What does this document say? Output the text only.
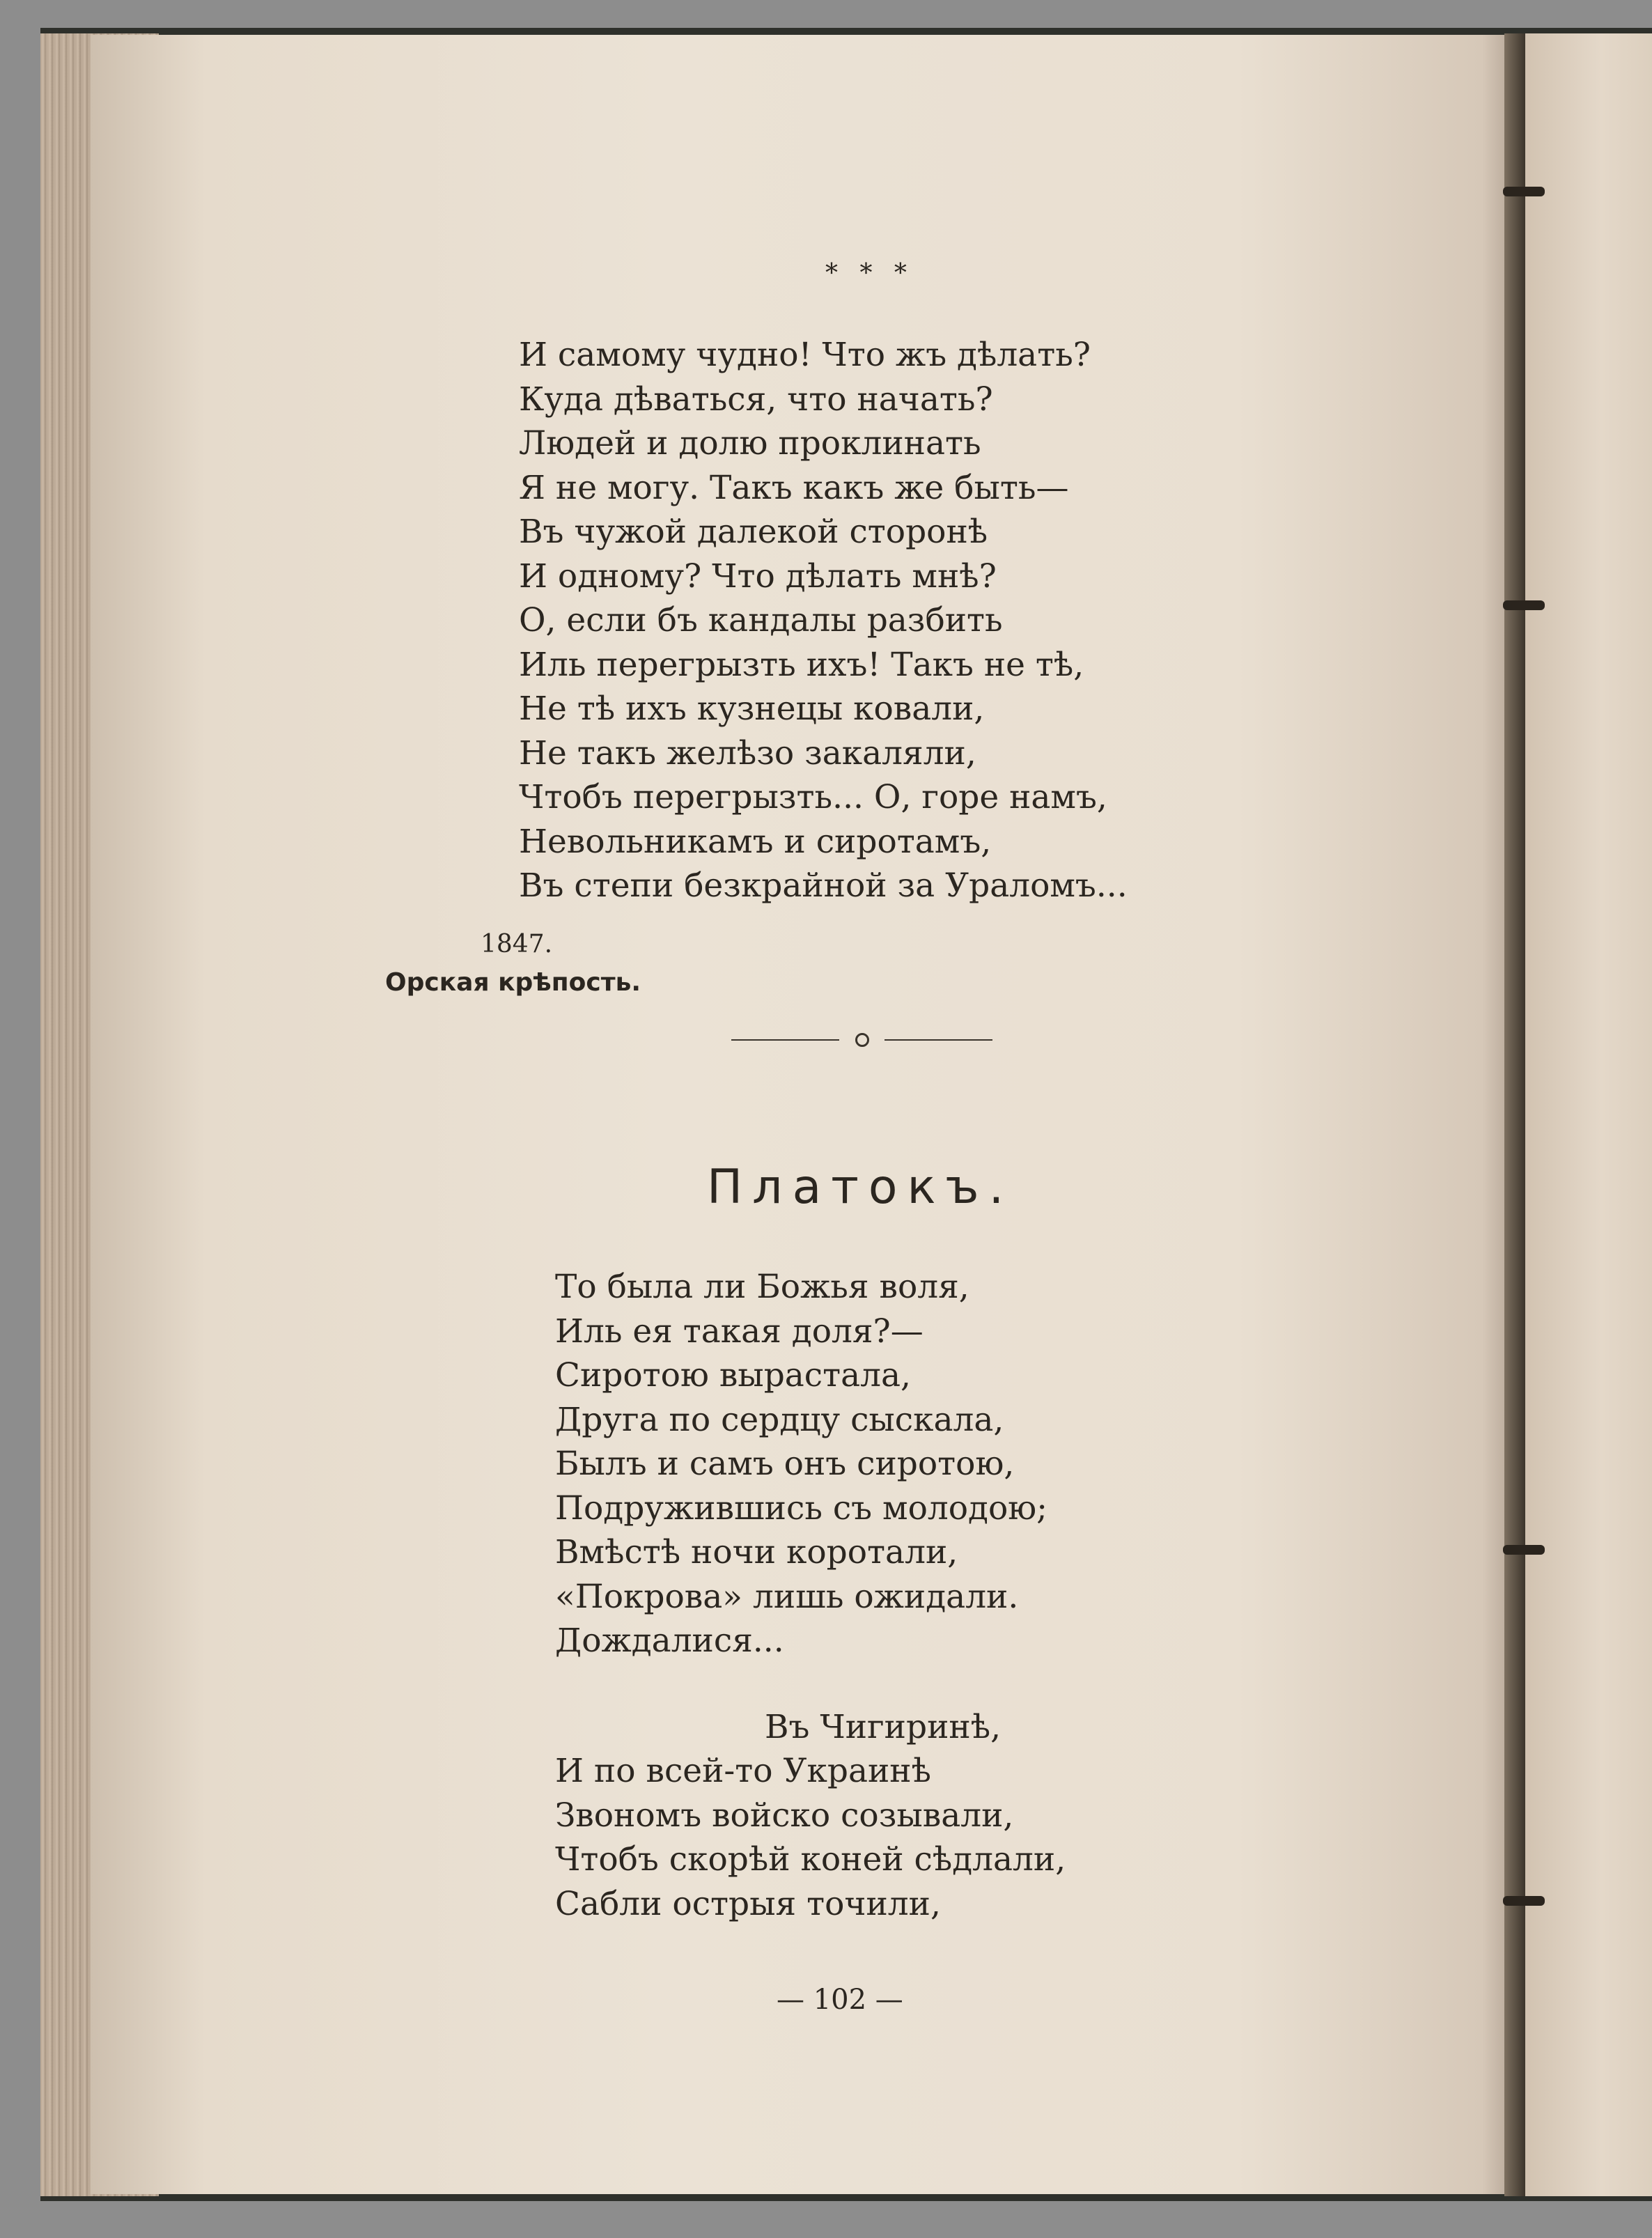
* * *
И самому чудно! Что жъ дѣлать?
Куда дѣваться, что начать?
Людей и долю проклинать
Я не могу. Такъ какъ же быть—
Въ чужой далекой сторонѣ
И одному? Что дѣлать мнѣ?
О, если бъ кандалы разбить
Иль перегрызть ихъ! Такъ не тѣ,
Не тѣ ихъ кузнецы ковали,
Не такъ желѣзо закаляли,
Чтобъ перегрызть... О, горе намъ,
Невольникамъ и сиротамъ,
Въ степи безкрайной за Ураломъ...
1847.
Орская крѣпость.
Платокъ.
То была ли Божья воля,
Иль ея такая доля?—
Сиротою вырастала,
Друга по сердцу сыскала,
Былъ и самъ онъ сиротою,
Подружившись съ молодою;
Вмѣстѣ ночи коротали,
«Покрова» лишь ожидали.
Дождалися...
Въ Чигиринѣ,
И по всей-то Украинѣ
Звономъ войско созывали,
Чтобъ скорѣй коней сѣдлали,
Сабли острыя точили,
— 102 —
